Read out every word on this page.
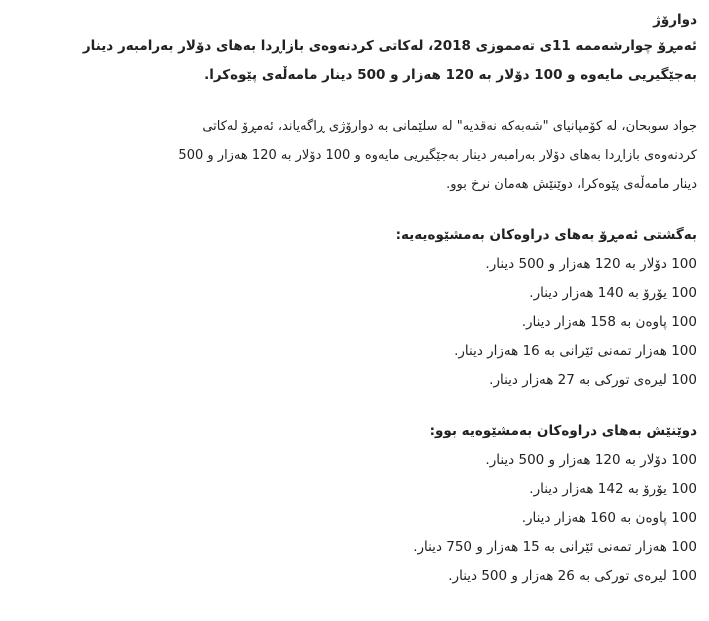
دوارۆژ
ئەمڕۆ چوارشەممە 11ی تەمموزی 2018، لەکاتی کردنەوەی بازاڕدا بەهای دۆلار بەرامبەر دینار
بەجێگیریی مایەوە و 100 دۆلار بە 120 هەزار و 500 دینار مامەڵەی پێوەکرا.
جواد سوبحان، لە کۆمپانیای "شەبەکە نەقدیە" لە سلێمانی بە دوارۆژی ڕاگەیاند، ئەمڕۆ لەکاتی
کردنەوەی بازاڕدا بەهای دۆلار بەرامبەر دینار بەجێگیریی مایەوە و 100 دۆلار بە 120 هەزار و 500
دینار مامەڵەی پێوەکرا، دوێنێش هەمان نرخ بوو.
بەگشتی ئەمڕۆ بەهای دراوەکان بەمشێوەیەیە:
100 دۆلار بە 120 هەزار و 500 دینار.
100 یۆرۆ بە 140 هەزار دینار.
100 پاوەن بە 158 هەزار دینار.
100 هەزار تمەنی ئێرانی بە 16 هەزار دینار.
100 لیرەی تورکی بە 27 هەزار دینار.
دوێنێش بەهای دراوەکان بەمشێوەیە بوو:
100 دۆلار بە 120 هەزار و 500 دینار.
100 یۆرۆ بە 142 هەزار دینار.
100 پاوەن بە 160 هەزار دینار.
100 هەزار تمەنی ئێرانی بە 15 هەزار و 750 دینار.
100 لیرەی تورکی بە 26 هەزار و 500 دینار.
